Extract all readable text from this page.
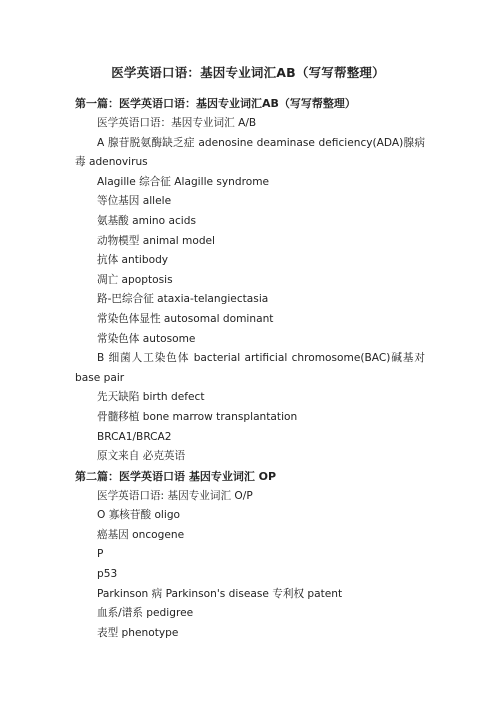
医学英语口语：基因专业词汇AB（写写帮整理）
第一篇：医学英语口语：基因专业词汇AB（写写帮整理）
医学英语口语：基因专业词汇 A/B
A 腺苷脱氨酶缺乏症 adenosine deaminase deficiency(ADA)腺病毒 adenovirus
Alagille 综合征 Alagille syndrome
等位基因 allele
氨基酸 amino acids
动物模型 animal model
抗体 antibody
凋亡 apoptosis
路-巴综合征 ataxia-telangiectasia
常染色体显性 autosomal dominant
常染色体 autosome
B 细菌人工染色体 bacterial artificial chromosome(BAC)碱基对 base pair
先天缺陷 birth defect
骨髓移植 bone marrow transplantation
BRCA1/BRCA2
原文来自 必克英语
第二篇：医学英语口语 基因专业词汇 OP
医学英语口语: 基因专业词汇 O/P
O 寡核苷酸 oligo
癌基因 oncogene
P
p53
Parkinson 病 Parkinson's disease 专利权 patent
血系/谱系 pedigree
表型 phenotype
